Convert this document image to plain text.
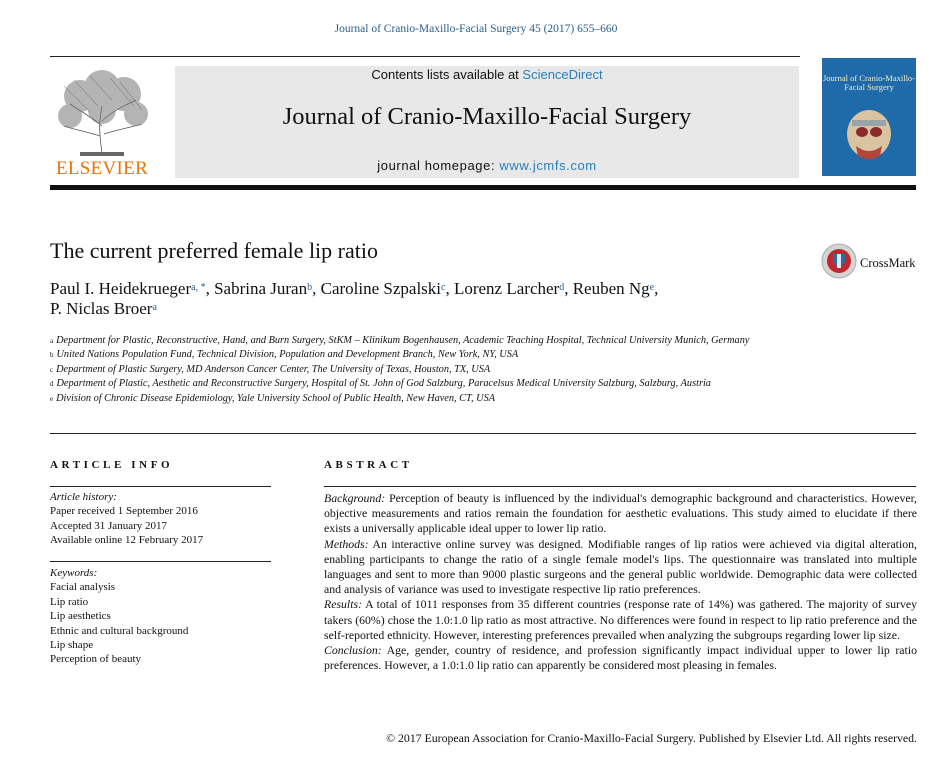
Journal of Cranio-Maxillo-Facial Surgery 45 (2017) 655–660
ELSEVIER
Contents lists available at ScienceDirect
Journal of Cranio-Maxillo-Facial Surgery
journal homepage: www.jcmfs.com
Journal of Cranio-Maxillo-Facial Surgery
The current preferred female lip ratio	CrossMark
Paul I. Heidekrueger$^{a, *}$, Sabrina Juran$^b$, Caroline Szpalski$^c$, Lorenz Larcher$^d$, Reuben Ng$^e$,
P. Niclas Broer$^a$
$^a$ Department for Plastic, Reconstructive, Hand, and Burn Surgery, StKM – Klinikum Bogenhausen, Academic Teaching Hospital, Technical University Munich, Germany
$^b$ United Nations Population Fund, Technical Division, Population and Development Branch, New York, NY, USA
$^c$ Department of Plastic Surgery, MD Anderson Cancer Center, The University of Texas, Houston, TX, USA
$^d$ Department of Plastic, Aesthetic and Reconstructive Surgery, Hospital of St. John of God Salzburg, Paracelsus Medical University Salzburg, Salzburg, Austria
$^e$ Division of Chronic Disease Epidemiology, Yale University School of Public Health, New Haven, CT, USA
ARTICLE INFO
Article history:
Paper received 1 September 2016
Accepted 31 January 2017
Available online 12 February 2017
Keywords:
Facial analysis
Lip ratio
Lip aesthetics
Ethnic and cultural background
Lip shape
Perception of beauty
ABSTRACT

Background: Perception of beauty is influenced by the individual's demographic background and characteristics. However, objective measurements and ratios remain the foundation for aesthetic evaluations. This study aimed to elucidate if there exists a universally applicable ideal upper to lower lip ratio.

Methods: An interactive online survey was designed. Modifiable ranges of lip ratios were achieved via digital alteration, enabling participants to change the ratio of a single female model's lips. The questionnaire was translated into multiple languages and sent to more than 9000 plastic surgeons and the general public worldwide. Demographic data were collected and analysis of variance was used to investigate respective lip ratio preferences.

Results: A total of 1011 responses from 35 different countries (response rate of 14%) was gathered. The majority of survey takers (60%) chose the 1.0:1.0 lip ratio as most attractive. No differences were found in respect to lip ratio preference and the self-reported ethnicity. However, interesting preferences prevailed when analyzing the subgroups regarding lower lip size.

Conclusion: Age, gender, country of residence, and profession significantly impact individual upper to lower lip ratio preferences. However, a 1.0:1.0 lip ratio can apparently be considered most pleasing in females.

© 2017 European Association for Cranio-Maxillo-Facial Surgery. Published by Elsevier Ltd. All rights reserved.
